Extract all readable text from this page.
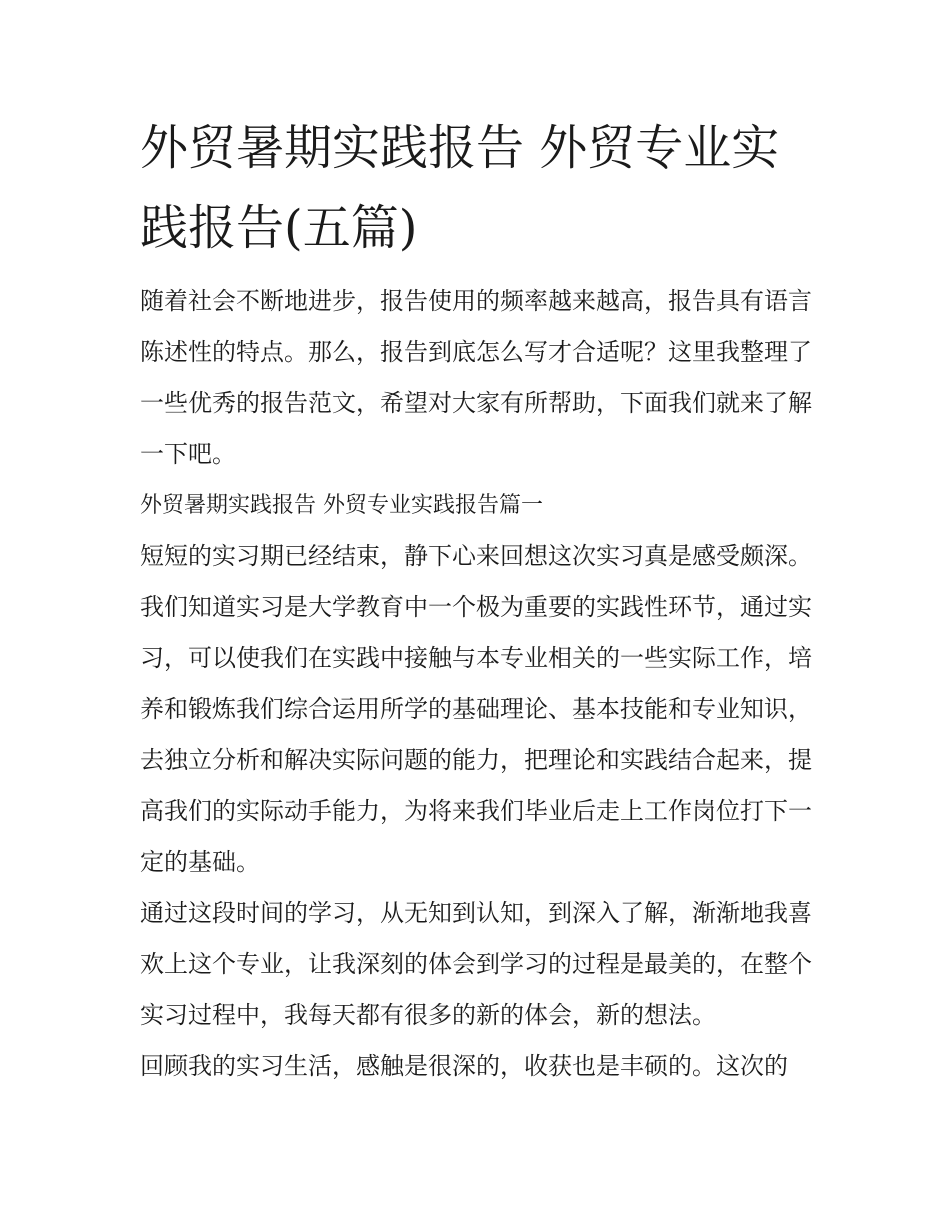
外贸暑期实践报告 外贸专业实践报告(五篇)

随着社会不断地进步，报告使用的频率越来越高，报告具有语言陈述性的特点。那么，报告到底怎么写才合适呢？这里我整理了一些优秀的报告范文，希望对大家有所帮助，下面我们就来了解一下吧。

外贸暑期实践报告 外贸专业实践报告篇一

短短的实习期已经结束，静下心来回想这次实习真是感受颇深。我们知道实习是大学教育中一个极为重要的实践性环节，通过实习，可以使我们在实践中接触与本专业相关的一些实际工作，培养和锻炼我们综合运用所学的基础理论、基本技能和专业知识，去独立分析和解决实际问题的能力，把理论和实践结合起来，提高我们的实际动手能力，为将来我们毕业后走上工作岗位打下一定的基础。

通过这段时间的学习，从无知到认知，到深入了解，渐渐地我喜欢上这个专业，让我深刻的体会到学习的过程是最美的，在整个实习过程中，我每天都有很多的新的体会，新的想法。

回顾我的实习生活，感触是很深的，收获也是丰硕的。这次的
